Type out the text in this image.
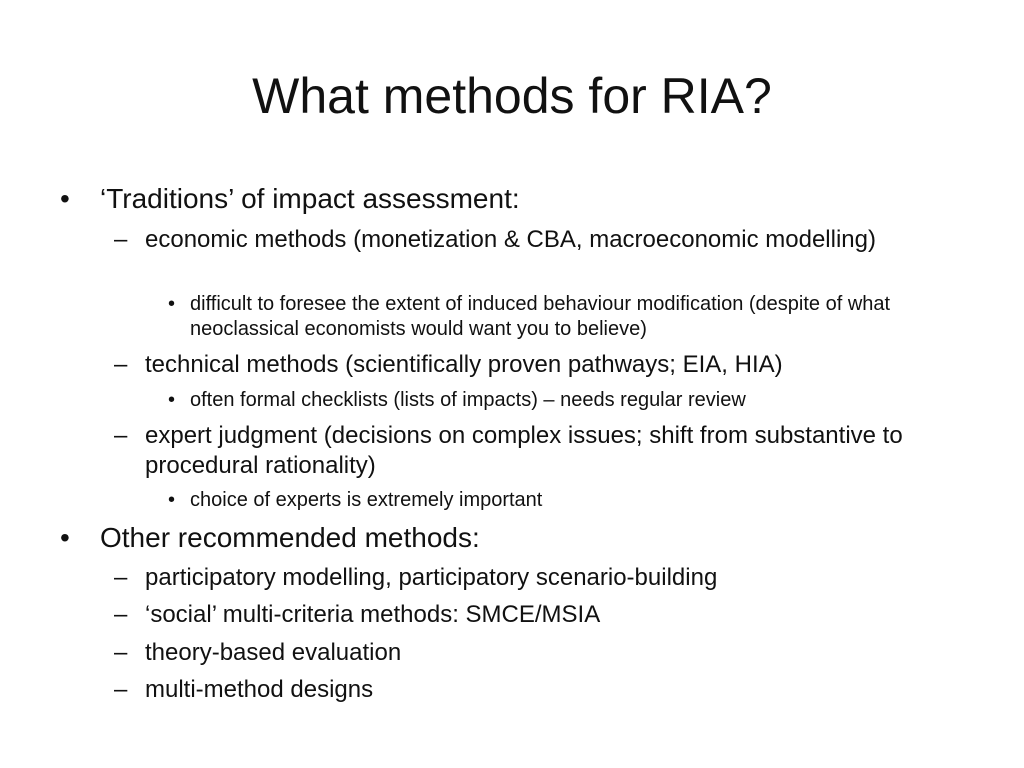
What methods for RIA?
• ‘Traditions’ of impact assessment:
– economic methods (monetization & CBA, macroeconomic modelling)
• difficult to foresee the extent of induced behaviour modification (despite of what neoclassical economists would want you to believe)
– technical methods (scientifically proven pathways; EIA, HIA)
• often formal checklists (lists of impacts) – needs regular review
– expert judgment (decisions on complex issues; shift from substantive to procedural rationality)
• choice of experts is extremely important
• Other recommended methods:
– participatory modelling, participatory scenario-building
– ‘social’ multi-criteria methods: SMCE/MSIA
– theory-based evaluation
– multi-method designs
